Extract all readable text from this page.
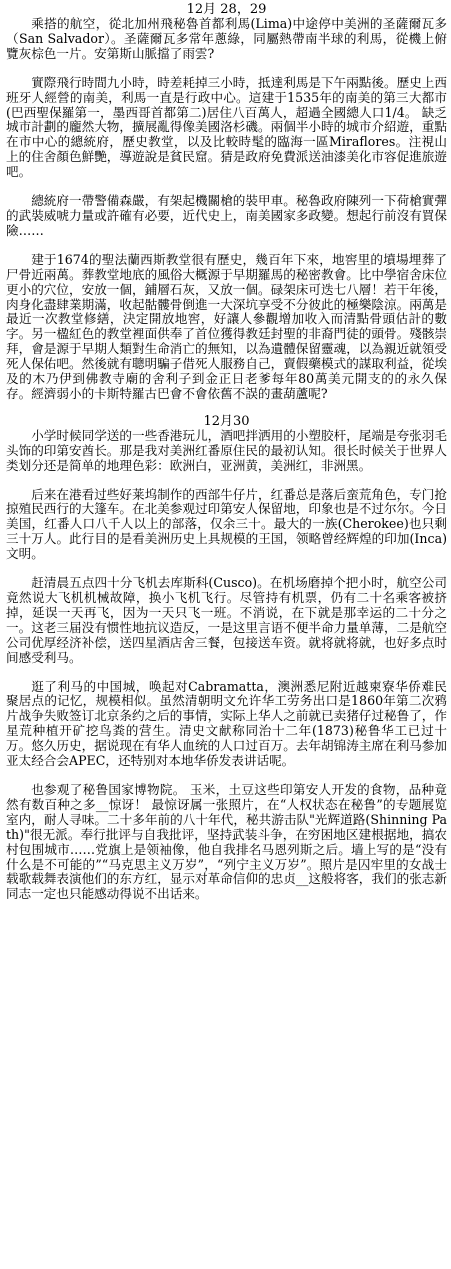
12月 28，29

乘搭的航空，從北加州飛秘魯首都利馬(Lima)中途停中美洲的圣薩爾瓦多（San Salvador）。圣薩爾瓦多常年蔥綠，同屬熱帶南半球的利馬，從機上俯覽灰棕色一片。安第斯山脈擋了雨雲?

實際飛行時間九小時，時差耗掉三小時，抵達利馬是下午兩點後。歷史上西班牙人經營的南美，利馬一直是行政中心。這建于1535年的南美的第三大都市(巴西聖保羅第一，墨西哥首都第二)居住八百萬人，超過全國總人口1/4。 缺乏城市計劃的龐然大物，擴展亂得像美國洛杉磯。兩個半小時的城市介紹遊，重點在市中心的總統府，歷史教堂，以及比較時髦的臨海一區Miraflores。注視山上的住舍顏色鮮艷，導遊說是貧民窟。猜是政府免費派送油漆美化市容促進旅遊吧。

總統府一帶警備森嚴，有架起機關槍的裝甲車。秘魯政府陳列一下荷槍實彈的武裝威唬力量或許確有必要，近代史上，南美國家多政變。想起行前沒有買保險……

建于1674的聖法蘭西斯教堂很有歷史，幾百年下來，地窖里的墳場埋葬了尸骨近兩萬。葬教堂地底的風俗大概源于早期羅馬的秘密教會。比中學宿舍床位更小的穴位，安放一個，鋪層石灰，又放一個。碌架床可迭七八層！若干年後，肉身化盡肆業期滿，收起骷髏骨倒進一大深坑享受不分彼此的極樂陰涼。兩萬是最近一次教堂修繕，決定開放地窖，好讓人參觀增加收入而清點骨頭估計的數字。另一楹紅色的教堂裡面供奉了首位獲得教廷封聖的非裔門徒的頭骨。殘骸崇拜，會是源于早期人類對生命消亡的無知，以為遺體保留靈魂，以為親近就領受死人保佑吧。然後就有聰明騙子借死人服務自己，賣假藥模式的謀取利益，從埃及的木乃伊到佛教寺廟的舍利子到金正日老爹每年80萬美元開支的的永久保存。經濟弱小的卡斯特羅古巴會不會依舊不誤的畫葫蘆呢?

12月30

小学时候同学送的一些香港玩儿，酒吧拌洒用的小塑胶杆，尾端是夸张羽毛头饰的印第安酋长。那是我对美洲红番原住民的最初认知。很长时候关于世界人类划分还是简单的地理色彩：欧洲白，亚洲黄，美洲红，非洲黑。

后来在港看过些好莱坞制作的西部牛仔片，红番总是落后蛮荒角色，专门抢掠殖民西行的大篷车。在北美参观过印第安人保留地，印象也是不过尔尔。今日美国，红番人口八千人以上的部落，仅余三十。最大的一族(Cherokee)也只剩三十万人。此行目的是看美洲历史上具规模的王国，领略曾经辉煌的印加(Inca)文明。

赶清晨五点四十分飞机去库斯科(Cusco)。在机场磨掉个把小时，航空公司竟然说大飞机机械故障，换小飞机飞行。尽管持有机票，仍有二十名乘客被挤掉，延误一天再飞，因为一天只飞一班。不消说，在下就是那幸运的二十分之一。这老三届没有惯性地抗议造反，一是这里言语不便半命力量单薄，二是航空公司优厚经济补偿，送四星酒店舍三餐，包接送车资。就将就将就，也好多点时间感受利马。

逛了利马的中国城，唤起对Cabramatta，澳洲悉尼附近越柬寮华侨难民聚居点的记忆，规模相似。虽然清朝明文允许华工劳务出口是1860年第二次鸦片战争失败签订北京条约之后的事情，实际上华人之前就已卖猪仔过秘鲁了，作星荒种植开矿挖鸟粪的营生。清史文献称同治十二年(1873)秘鲁华工已过十万。悠久历史，据说现在有华人血统的人口过百万。去年胡锦涛主席在利马参加亚太经合会APEC，还特别对本地华侨发表讲话呢。

也参观了秘鲁国家博物院。 玉米，土豆这些印第安人开发的食物，品种竟然有数百种之多__惊讶！ 最惊讶属一张照片，在“人权状态在秘鲁”的专题展览室内，耐人寻味。二十多年前的八十年代，秘共游击队"光辉道路(Shinning Path)"很无派。奉行批评与自我批评，坚持武装斗争，在穷困地区建根据地，搞农村包围城市……党旗上是领袖像，他自我排名马恩列斯之后。墙上写的是“没有什么是不可能的”“马克思主义万岁”，“列宁主义万岁”。照片是囚牢里的女战士载歌载舞表演他们的东方红，显示对革命信仰的忠贞__这般将客，我们的张志新同志一定也只能感动得说不出话来。
